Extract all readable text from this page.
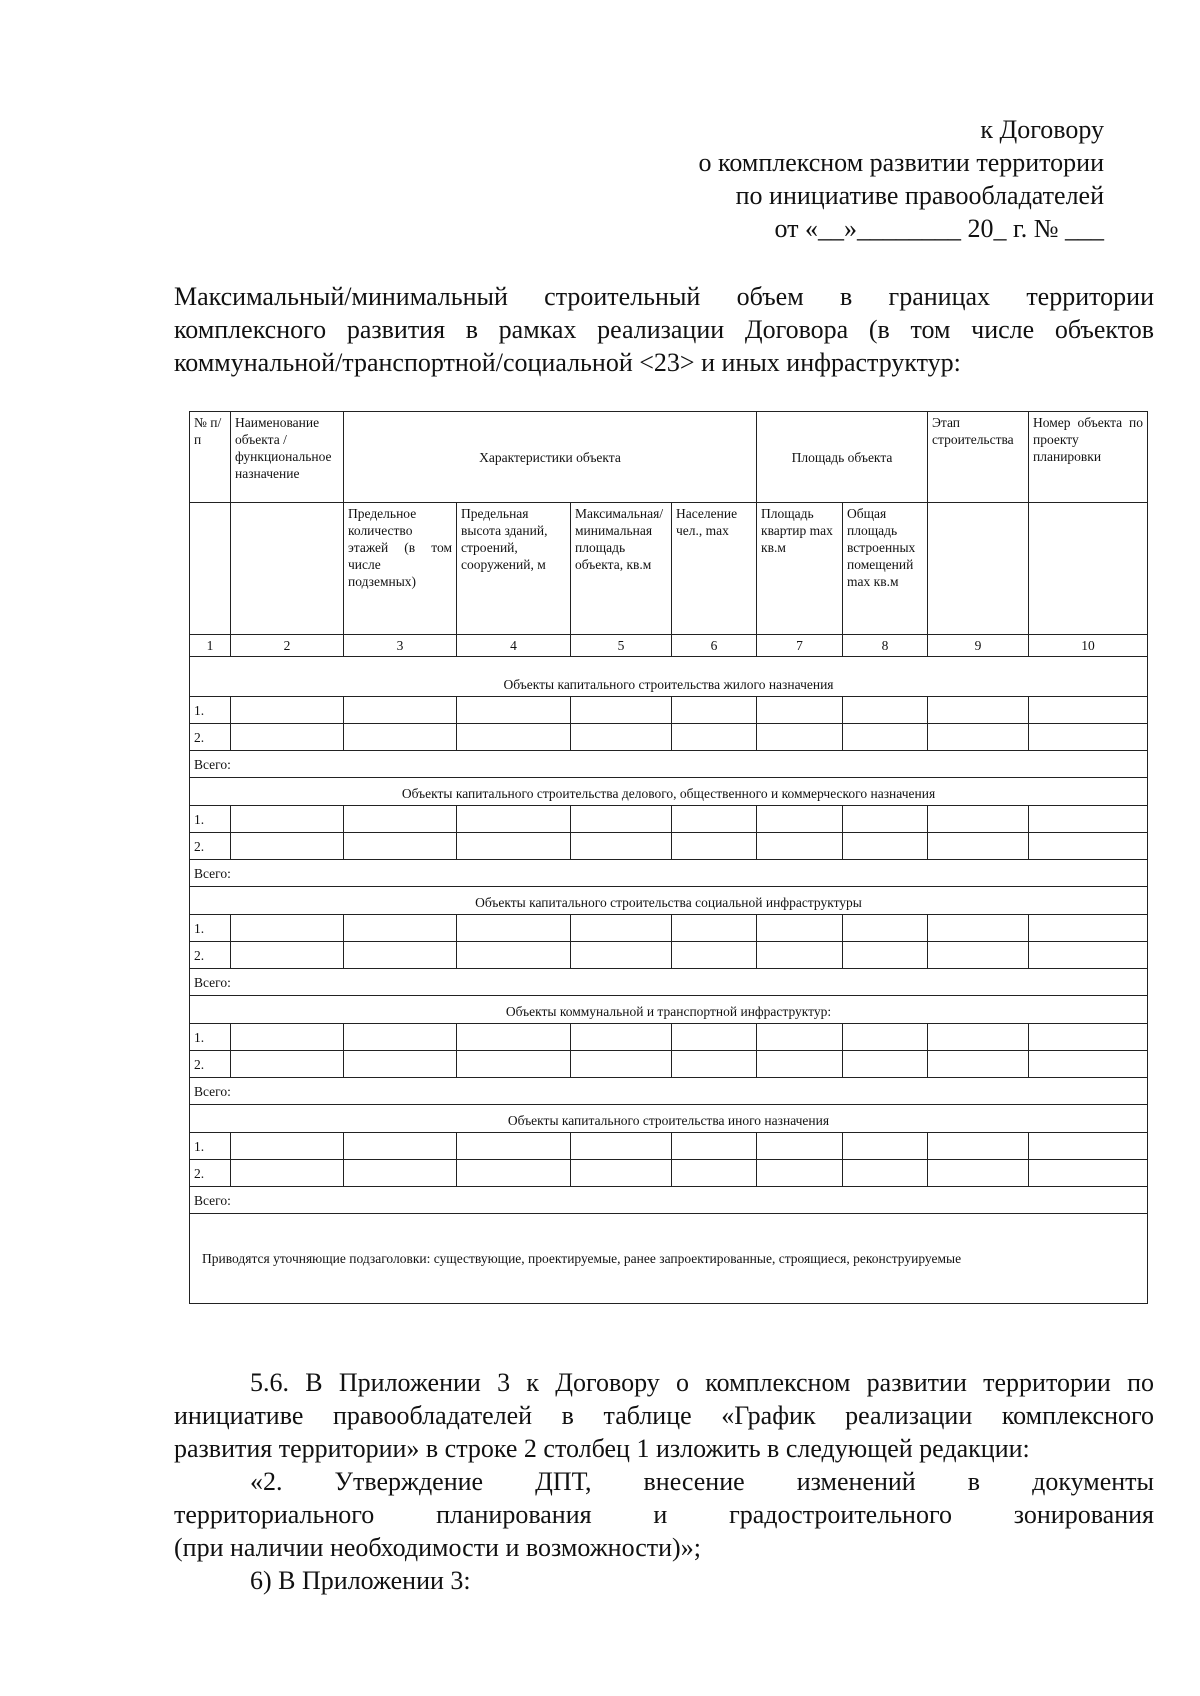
к Договору
о комплексном развитии территории
по инициативе правообладателей
от «__»________ 20_ г. № ___
Максимальный/минимальный строительный объем в границах территории
комплексного развития в рамках реализации Договора (в том числе объектов
коммунальной/транспортной/социальной <23> и иных инфраструктур:
№ п/ п	Наименование объекта /функциональное назначение	Характеристики объекта				Площадь объекта		Этап строительства	Номер объекта по проекту планировки
		Предельное количество этажей (в том числе подземных)	Предельная высота зданий, строений, сооружений, м	Максимальная/минимальная площадь объекта, кв.м	Население чел., max	Площадь квартир max кв.м	Общая площадь встроенных помещений max кв.м		
1	2	3	4	5	6	7	8	9	10
Объекты капитального строительства жилого назначения									
1.									
2.									
Всего:									
Объекты капитального строительства делового, общественного и коммерческого назначения									
1.									
2.									
Всего:									
Объекты капитального строительства социальной инфраструктуры									
1.									
2.									
Всего:									
Объекты коммунальной и транспортной инфраструктур:									
1.									
2.									
Всего:									
Объекты капитального строительства иного назначения									
1.									
2.									
Всего:									
Приводятся уточняющие подзаголовки: существующие, проектируемые, ранее запроектированные, строящиеся, реконструируемые									

5.6. В Приложении 3 к Договору о комплексном развитии территории по

инициативе правообладателей в таблице «График реализации комплексного

развития территории» в строке 2 столбец 1 изложить в следующей редакции:

«2. Утверждение ДПТ, внесение изменений в документы

территориального планирования и градостроительного зонирования

(при наличии необходимости и возможности)»;

6) В Приложении 3:
